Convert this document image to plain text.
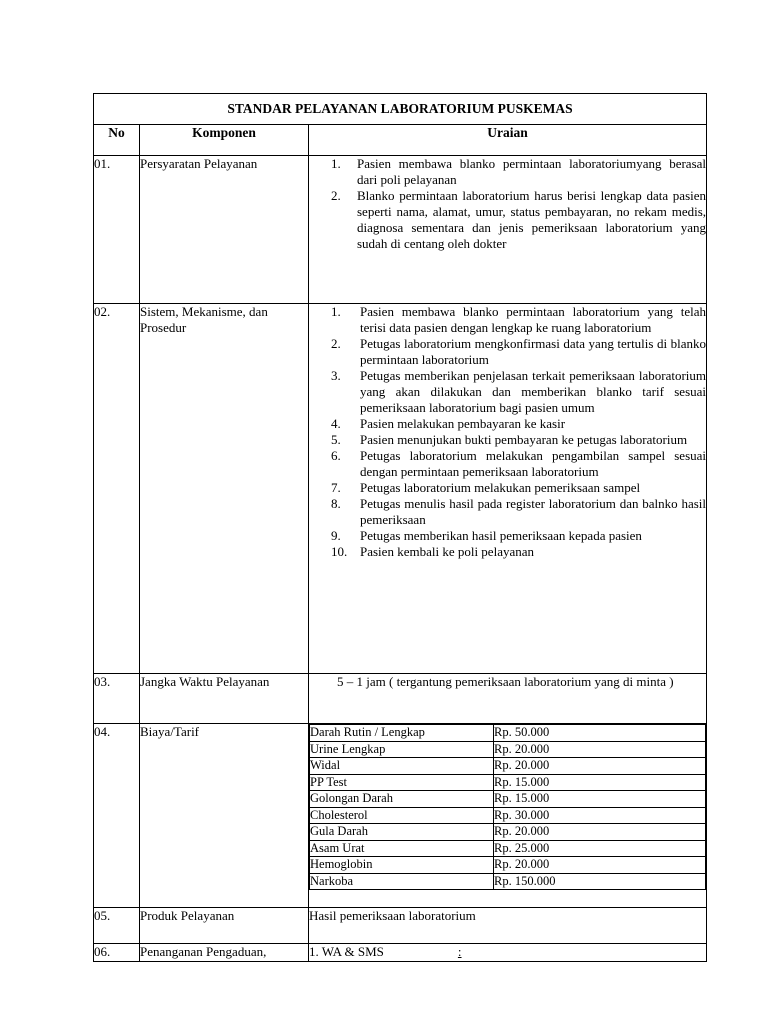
STANDAR PELAYANAN LABORATORIUM PUSKEMAS
No	Komponen	Uraian
01.	Persyaratan Pelayanan	1. Pasien membawa blanko permintaan laboratoriumyang berasal dari poli pelayanan
2. Blanko permintaan laboratorium harus berisi lengkap data pasien seperti nama, alamat, umur, status pembayaran, no rekam medis, diagnosa sementara dan jenis pemeriksaan laboratorium yang sudah di centang oleh dokter

02.	Sistem, Mekanisme, dan Prosedur	
1. Pasien membawa blanko permintaan laboratorium yang telah terisi data pasien dengan lengkap ke ruang laboratorium
2. Petugas laboratorium mengkonfirmasi data yang tertulis di blanko permintaan laboratorium
3. Petugas memberikan penjelasan terkait pemeriksaan laboratorium yang akan dilakukan dan memberikan blanko tarif sesuai pemeriksaan laboratorium bagi pasien umum
4. Pasien melakukan pembayaran ke kasir
5. Pasien menunjukan bukti pembayaran ke petugas laboratorium
6. Petugas laboratorium melakukan pengambilan sampel sesuai dengan permintaan pemeriksaan laboratorium
7. Petugas laboratorium melakukan pemeriksaan sampel
8. Petugas menulis hasil pada register laboratorium dan balnko hasil pemeriksaan
9. Petugas memberikan hasil pemeriksaan kepada pasien
10. Pasien kembali ke poli pelayanan

03.	Jangka Waktu Pelayanan	5 – 1 jam ( tergantung pemeriksaan laboratorium yang di minta )
04.	Biaya/Tarif		Darah Rutin / Lengkap	Rp. 50.000
Urine Lengkap	Rp. 20.000
Widal	Rp. 20.000
PP Test	Rp. 15.000
Golongan Darah	Rp. 15.000
Cholesterol	Rp. 30.000
Gula Darah	Rp. 20.000
Asam Urat	Rp. 25.000
Hemoglobin	Rp. 20.000
Narkoba	Rp. 150.000

05.	Produk Pelayanan	Hasil pemeriksaan laboratorium
06.	Penanganan Pengaduan,	1. WA & SMS	:
